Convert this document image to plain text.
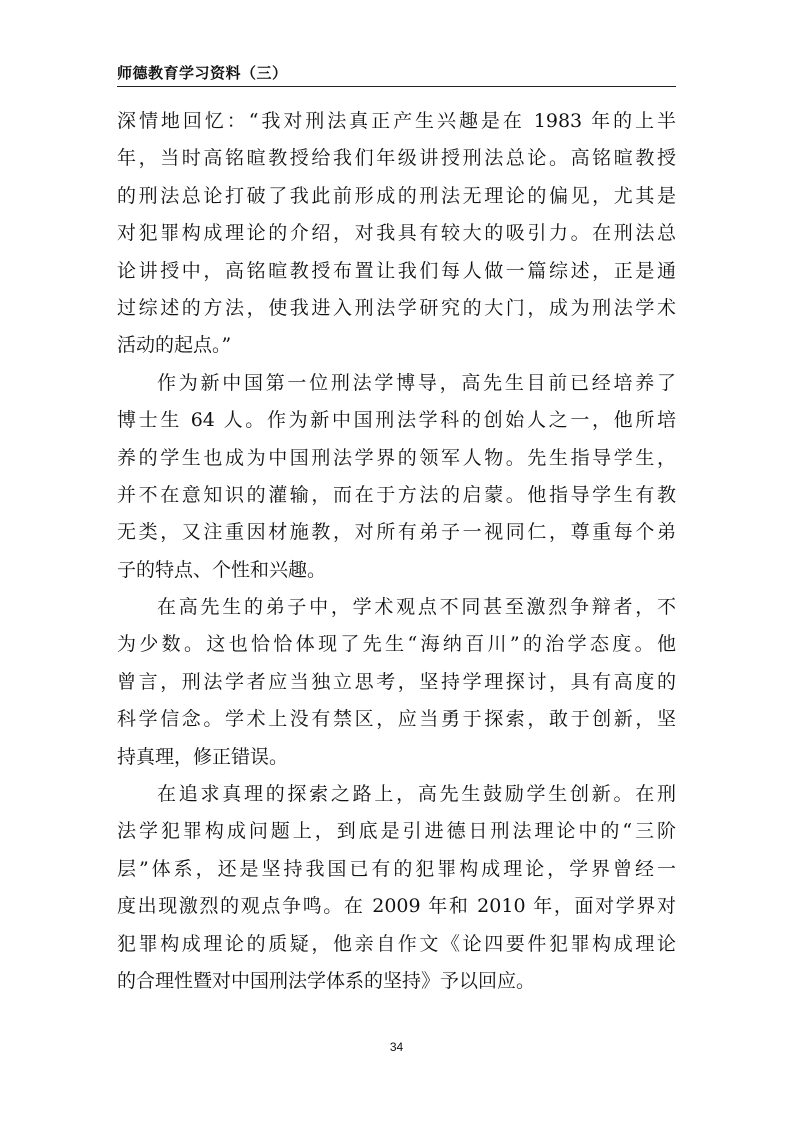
师德教育学习资料（三）
深情地回忆：“我对刑法真正产生兴趣是在 1983 年的上半
年，当时高铭暄教授给我们年级讲授刑法总论。高铭暄教授
的刑法总论打破了我此前形成的刑法无理论的偏见，尤其是
对犯罪构成理论的介绍，对我具有较大的吸引力。在刑法总
论讲授中，高铭暄教授布置让我们每人做一篇综述，正是通
过综述的方法，使我进入刑法学研究的大门，成为刑法学术
活动的起点。”
作为新中国第一位刑法学博导，高先生目前已经培养了
博士生 64 人。作为新中国刑法学科的创始人之一，他所培
养的学生也成为中国刑法学界的领军人物。先生指导学生，
并不在意知识的灌输，而在于方法的启蒙。他指导学生有教
无类，又注重因材施教，对所有弟子一视同仁，尊重每个弟
子的特点、个性和兴趣。
在高先生的弟子中，学术观点不同甚至激烈争辩者，不
为少数。这也恰恰体现了先生“海纳百川”的治学态度。他
曾言，刑法学者应当独立思考，坚持学理探讨，具有高度的
科学信念。学术上没有禁区，应当勇于探索，敢于创新，坚
持真理，修正错误。
在追求真理的探索之路上，高先生鼓励学生创新。在刑
法学犯罪构成问题上，到底是引进德日刑法理论中的“三阶
层”体系，还是坚持我国已有的犯罪构成理论，学界曾经一
度出现激烈的观点争鸣。在 2009 年和 2010 年，面对学界对
犯罪构成理论的质疑，他亲自作文《论四要件犯罪构成理论
的合理性暨对中国刑法学体系的坚持》予以回应。
34
